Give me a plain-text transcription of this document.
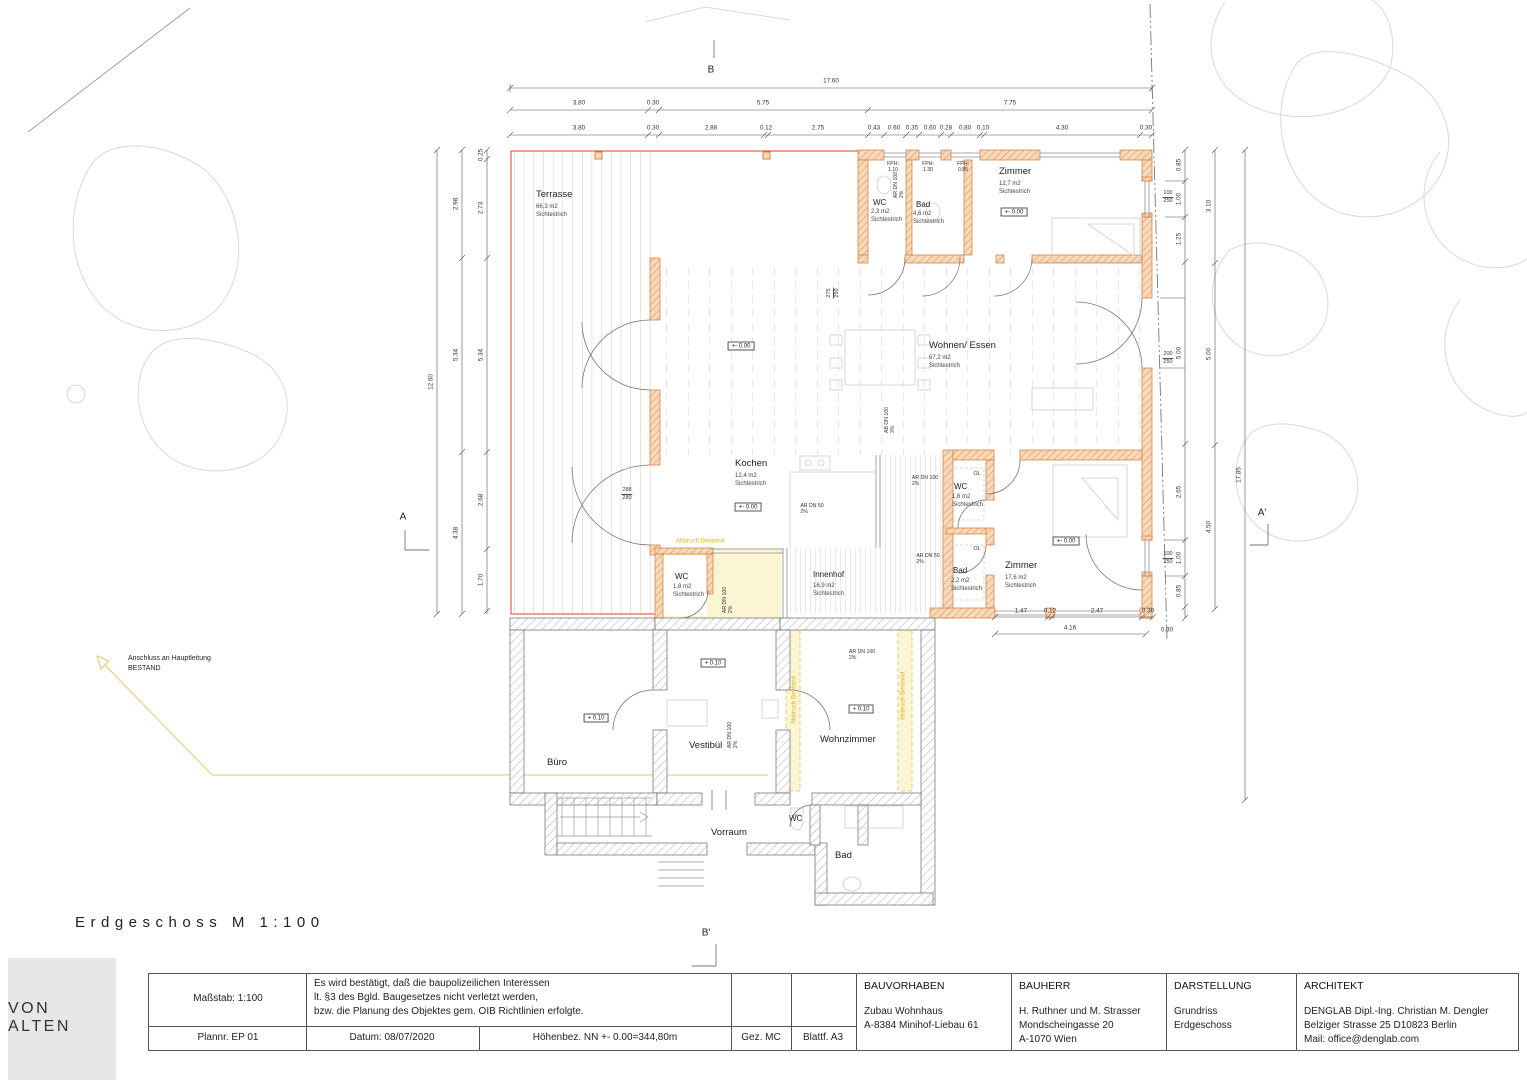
17.60
3.80	0.30	5.75	7.75
3.80	0.30	2.88	0.12	2.75	0.43 0.60 0.35 0.60 0.28 0.80 0.10	4.30	0.30
12.60
2.98
5.34
4.38
0.25
2.73
5.34
2.68
1.70
0.85
1.00
1.25
5.00
2.65
1.00
0.85
0.30
3.10
5.00
4.50
17.85
1.47	0.12	2.47	0.30
4.16
100
250
200
250
100
250
275 250
288
280
FPH:
1.10
FPH:
1.30
FPH:
0.85
Terrasse
66,3 m2
Sichtestrich
WC
2,3 m2
Sichtestrich
Bad
4,6 m2
Sichtestrich
Zimmer
12,7 m2
Sichtestrich
+- 0.00
Wohnen/ Essen
67,2 m2
Sichtestrich
+- 0.00
Kochen
12,4 m2
Sichtestrich
+- 0.00
Innenhof
16,9 m2
Sichtestrich
WC
1,8 m2
Sichtestrich
WC
1,6 m2
Sichtestrich
OL
Bad
2,2 m2
Sichtestrich
OL
Zimmer
17,6 m2
Sichtestrich
+- 0.00
Büro
+ 0.10
Vestibül
+ 0.10
Wohnzimmer
+ 0.10
Vorraum
WC
Bad
AR DN 100 2%
AB DN 100 2%
AR DN 50
2%
AR DN 100
2%
AR DN 50
2%
AR DN 100
2%
AR DN 100 2%
AR DN 100 2%
Abbruch Bestand
Abbruch Bestand	Abbruch Bestand
Anschluss an Hauptleitung
BESTAND
B
B'
A	A'
Erdgeschoss M 1:100
VON ALTEN
Maßstab: 1:100
Es wird bestätigt, daß die baupolizeilichen Interessen
lt. §3 des Bgld. Baugesetzes nicht verletzt werden,
bzw. die Planung des Objektes gem. OIB Richtlinien erfolgte.
Plannr. EP 01	Datum: 08/07/2020	Höhenbez. NN +- 0.00=344,80m	Gez. MC Blattf. A3
BAUVORHABEN
Zubau Wohnhaus
A-8384 Minihof-Liebau 61
BAUHERR
H. Ruthner und M. Strasser
Mondscheingasse 20
A-1070 Wien
DARSTELLUNG
Grundriss
Erdgeschoss
ARCHITEKT
DENGLAB Dipl.-Ing. Christian M. Dengler
Belziger Strasse 25 D10823 Berlin
Mail: office@denglab.com
